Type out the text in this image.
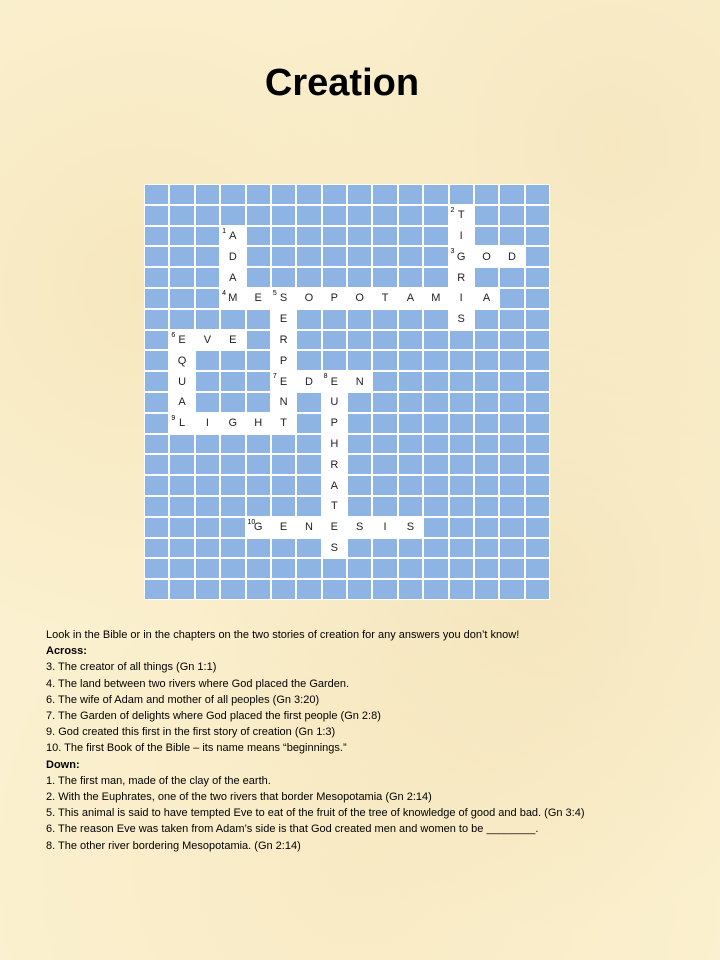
Creation
2 T
1 A	I
D	3 G	O	D
A	R
4 M	E	5 S	O	P	O	T	A	M	I	A
E	S
6 E	V	E	R
Q	P
U	7 E	D	8 E	N
A	N	U
9 L	I	G	H	T	P
H
R
A
T
10
G	E	N	E	S	I	S
S
Look in the Bible or in the chapters on the two stories of creation for any answers you don’t know!
Across:
3. The creator of all things (Gn 1:1)
4. The land between two rivers where God placed the Garden.
6. The wife of Adam and mother of all peoples (Gn 3:20)
7. The Garden of delights where God placed the first people (Gn 2:8)
9. God created this first in the first story of creation (Gn 1:3)
10. The first Book of the Bible – its name means “beginnings.”
Down:
1. The first man, made of the clay of the earth.
2. With the Euphrates, one of the two rivers that border Mesopotamia (Gn 2:14)
5. This animal is said to have tempted Eve to eat of the fruit of the tree of knowledge of good and bad. (Gn 3:4)
6. The reason Eve was taken from Adam’s side is that God created men and women to be ________.
8. The other river bordering Mesopotamia. (Gn 2:14)
